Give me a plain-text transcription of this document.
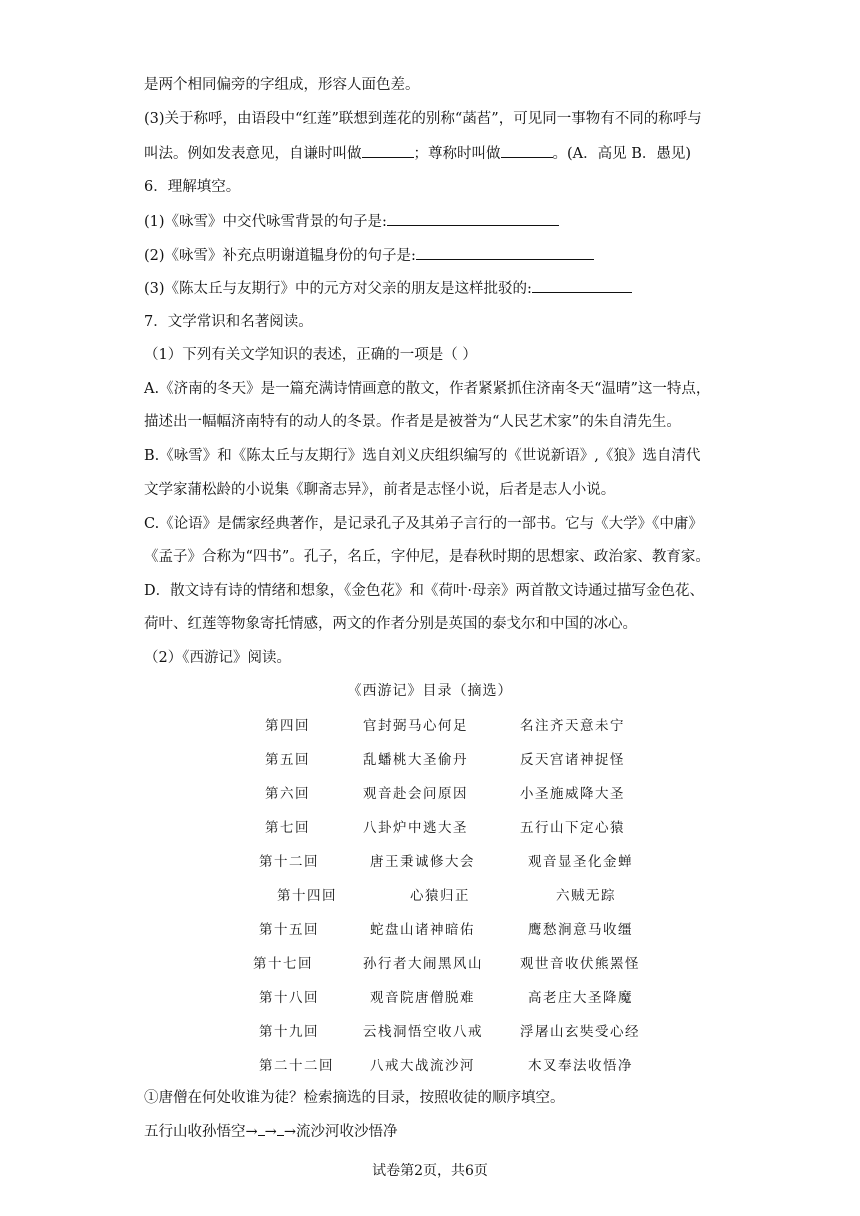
是两个相同偏旁的字组成，形容人面色差。
(3)关于称呼，由语段中“红莲”联想到莲花的别称“菡萏”，可见同一事物有不同的称呼与
叫法。例如发表意见，自谦时叫做	；尊称时叫做	。(A．高见 B．愚见)
6．理解填空。
(1)《咏雪》中交代咏雪背景的句子是:
(2)《咏雪》补充点明谢道韫身份的句子是:
(3)《陈太丘与友期行》中的元方对父亲的朋友是这样批驳的:
7．文学常识和名著阅读。
（1）下列有关文学知识的表述，正确的一项是（ ）
A.《济南的冬天》是一篇充满诗情画意的散文，作者紧紧抓住济南冬天“温晴”这一特点，
描述出一幅幅济南特有的动人的冬景。作者是是被誉为“人民艺术家”的朱自清先生。
B.《咏雪》和《陈太丘与友期行》选自刘义庆组织编写的《世说新语》,《狼》选自清代
文学家蒲松龄的小说集《聊斋志异》，前者是志怪小说，后者是志人小说。
C.《论语》是儒家经典著作，是记录孔子及其弟子言行的一部书。它与《大学》《中庸》
《孟子》合称为“四书”。孔子，名丘，字仲尼，是春秋时期的思想家、政治家、教育家。
D．散文诗有诗的情绪和想象，《金色花》和《荷叶·母亲》两首散文诗通过描写金色花、
荷叶、红莲等物象寄托情感，两文的作者分别是英国的泰戈尔和中国的冰心。
（2）《西游记》阅读。
《西游记》目录（摘选）
第四回	官封弼马心何足	名注齐天意未宁
第五回	乱蟠桃大圣偷丹	反天宫诸神捉怪
第六回	观音赴会问原因	小圣施威降大圣
第七回	八卦炉中逃大圣	五行山下定心猿
第十二回	唐王秉诚修大会	观音显圣化金蝉
第十四回	心猿归正	六贼无踪
第十五回	蛇盘山诸神暗佑	鹰愁涧意马收缰
第十七回	孙行者大闹黑风山	观世音收伏熊罴怪
第十八回	观音院唐僧脱难	高老庄大圣降魔
第十九回	云栈洞悟空收八戒	浮屠山玄奘受心经
第二十二回	八戒大战流沙河	木叉奉法收悟净
①唐僧在何处收谁为徒？检索摘选的目录，按照收徒的顺序填空。
五行山收孙悟空→ → →流沙河收沙悟净
试卷第2页，共6页
